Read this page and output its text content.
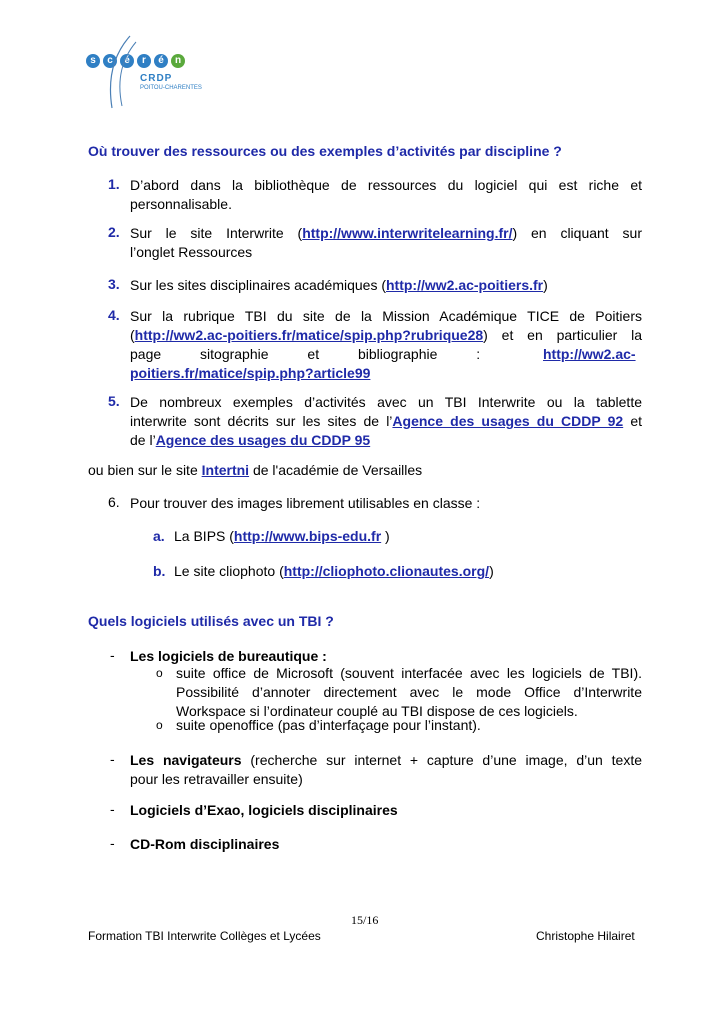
s c é r é n
CRDP
POITOU-CHARENTES
Où trouver des ressources ou des exemples d’activités par discipline ?
1. D’abord dans la bibliothèque de ressources du logiciel qui est riche et
personnalisable.
2. Sur le site Interwrite (http://www.interwritelearning.fr/) en cliquant sur
l’onglet Ressources
3. Sur les sites disciplinaires académiques (http://ww2.ac-poitiers.fr)
4. Sur la rubrique TBI du site de la Mission Académique TICE de Poitiers
(http://ww2.ac-poitiers.fr/matice/spip.php?rubrique28) et en particulier la
page sitographie et bibliographie :	http://ww2.ac-
poitiers.fr/matice/spip.php?article99
5. De nombreux exemples d’activités avec un TBI Interwrite ou la tablette
interwrite sont décrits sur les sites de l’Agence des usages du CDDP 92 et
de l’Agence des usages du CDDP 95
ou bien sur le site Intertni de l'académie de Versailles
6. Pour trouver des images librement utilisables en classe :
a. La BIPS (http://www.bips-edu.fr )
b. Le site cliophoto (http://cliophoto.clionautes.org/)
Quels logiciels utilisés avec un TBI ?
- Les logiciels de bureautique :
o suite office de Microsoft (souvent interfacée avec les logiciels de TBI).
Possibilité d’annoter directement avec le mode Office d’Interwrite
Workspace si l’ordinateur couplé au TBI dispose de ces logiciels.
o suite openoffice (pas d’interfaçage pour l’instant).
- Les navigateurs (recherche sur internet + capture d’une image, d’un texte
pour les retravailler ensuite)
- Logiciels d’Exao, logiciels disciplinaires
- CD-Rom disciplinaires
15/16
Formation TBI Interwrite Collèges et Lycées	Christophe Hilairet
